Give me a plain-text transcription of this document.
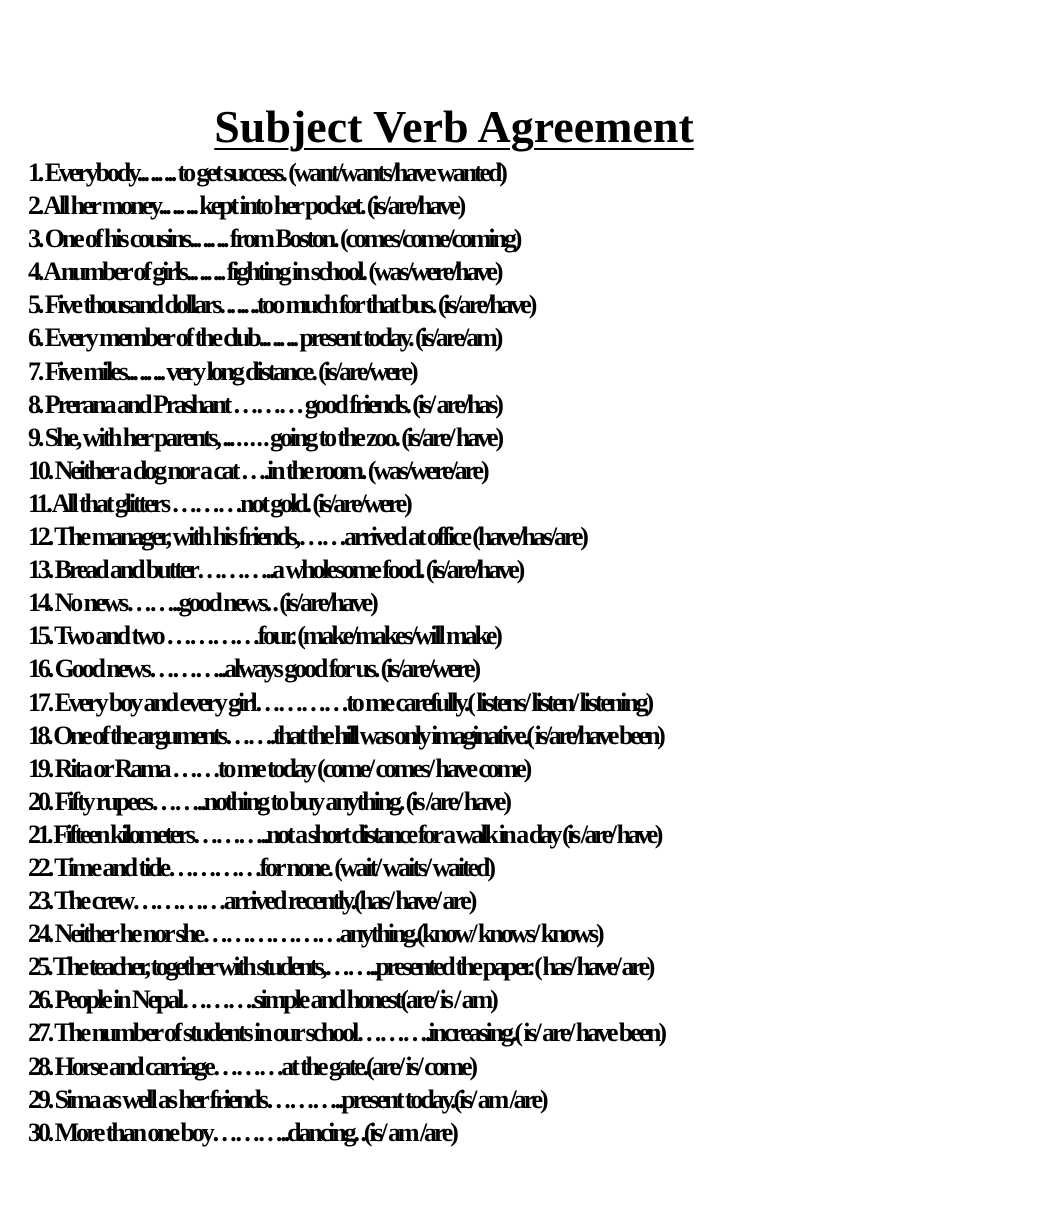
Subject Verb Agreement
1. Everybody... ... ... to get success. (want/wants/have wanted)
2. All her money... ... ... kept into her pocket. (is/are/have)
3. One of his cousins... ... ... from Boston. (comes/come/coming)
4. A number of girls... ... ... fighting in school. (was/were/have)
5. Five thousand dollars. .. ... ..too much for that bus. (is/are/have)
6. Every member of the club... ... ... present today. (is/are/am)
7. Five miles... ... ... very long distance. (is/are/were)
8. Prerana and Prashant ……… good friends. (is/ are/has)
9. She, with her parents, ... . . . . . going to the zoo. (is/are/ have)
10. Neither a dog nor a cat ….in the room. (was/were/are)
11. All that glitters ………not gold. (is/are/were)
12. The manager, with his friends,……arrived at office (have/has/are)
13. Bread and butter………..a wholesome food. (is/are/have)
14. No news……..good news. . (is/are/have)
15. Two and two …………four. (make/makes/will make)
16. Good news………..always good for us. (is/are/were)
17. Every boy and every girl…………to me carefully.( listens/ listen/ listening)
18. One of the arguments…….that the hill was only imaginative.( is/are/have been)
19. Rita or Rama ……to me today (come/ comes/ have come)
20. Fifty rupees……..nothing to buy anything. (is /are/ have)
21. Fifteen kilometers………..not a short distance for a walk in a day (is /are/ have)
22. Time and tide…………for none. (wait/ waits/ waited)
23. The crew…………arrived recently.(has/ have/ are)
24. Neither he nor she………………anything.(know/ knows/ knows)
25. The teacher, together with students,……..presented the paper. ( has/ have/ are)
26. People in Nepal……….simple and honest(are/ is / am)
27. The number of students in our school……….increasing.( is/ are/ have been)
28. Horse and carriage………at the gate.(are/ is/ come)
29. Sima as well as her friends………..present today.(is/ am /are)
30. More than one boy………..dancing. .(is/ am /are)
